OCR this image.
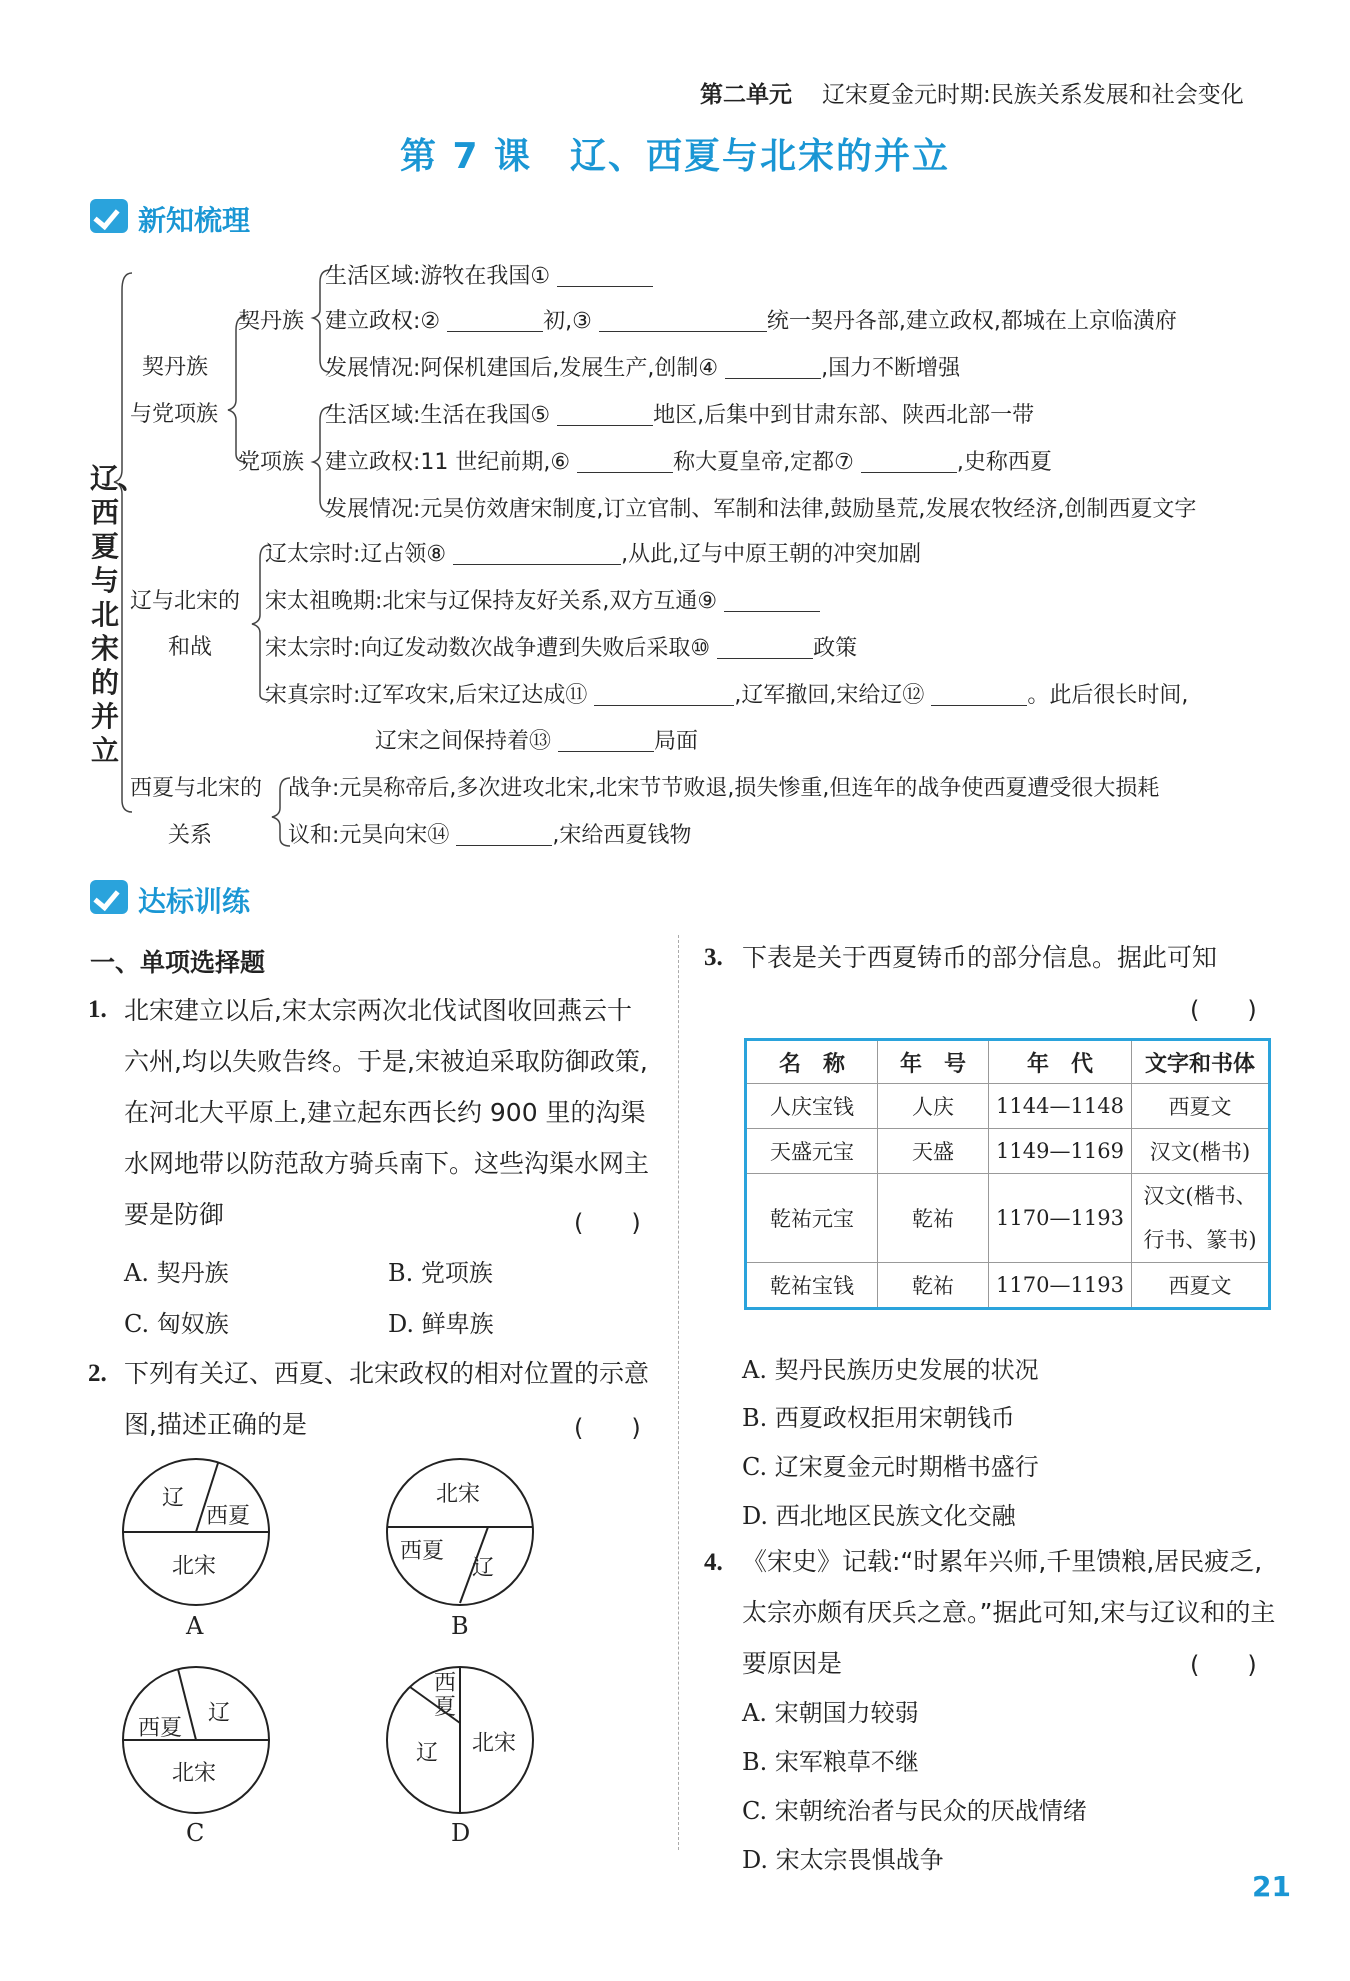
第二单元 辽宋夏金元时期:民族关系发展和社会变化
第 7 课　辽、西夏与北宋的并立
新知梳理
辽、西夏与北宋的并立
契丹族
与党项族
契丹族
生活区域:游牧在我国①
建立政权:②	初,③	统一契丹各部,建立政权,都城在上京临潢府
发展情况:阿保机建国后,发展生产,创制④	,国力不断增强
党项族
生活区域:生活在我国⑤	地区,后集中到甘肃东部、陕西北部一带
建立政权:11 世纪前期,⑥	称大夏皇帝,定都⑦	,史称西夏
发展情况:元昊仿效唐宋制度,订立官制、军制和法律,鼓励垦荒,发展农牧经济,创制西夏文字
辽与北宋的
和战
辽太宗时:辽占领⑧	,从此,辽与中原王朝的冲突加剧
宋太祖晚期:北宋与辽保持友好关系,双方互通⑨
宋太宗时:向辽发动数次战争遭到失败后采取⑩	政策
宋真宗时:辽军攻宋,后宋辽达成⑪	,辽军撤回,宋给辽⑫	。此后很长时间,
辽宋之间保持着⑬	局面
西夏与北宋的
关系
战争:元昊称帝后,多次进攻北宋,北宋节节败退,损失惨重,但连年的战争使西夏遭受很大损耗
议和:元昊向宋⑭	,宋给西夏钱物
达标训练
一、单项选择题
1. 北宋建立以后,宋太宗两次北伐试图收回燕云十六州,均以失败告终。于是,宋被迫采取防御政策,在河北大平原上,建立起东西长约 900 里的沟渠水网地带以防范敌方骑兵南下。这些沟渠水网主要是防御	(　　)
A. 契丹族	B. 党项族
C. 匈奴族	D. 鲜卑族
2. 下列有关辽、西夏、北宋政权的相对位置的示意图,描述正确的是	(　　)
辽
西夏
北宋
北宋
西夏
辽
辽
西夏
北宋
辽 北宋
西夏
A	B
C	D
3. 下表是关于西夏铸币的部分信息。据此可知
(　　)
名　称	年　号	年　代	文字和书体
人庆宝钱	人庆	1144—1148	西夏文
天盛元宝	天盛	1149—1169	汉文(楷书)
乾祐元宝	乾祐	1170—1193	汉文(楷书、
行书、篆书)

乾祐宝钱	乾祐	1170—1193	西夏文
A. 契丹民族历史发展的状况
B. 西夏政权拒用宋朝钱币
C. 辽宋夏金元时期楷书盛行
D. 西北地区民族文化交融
4. 《宋史》记载:“时累年兴师,千里馈粮,居民疲乏,太宗亦颇有厌兵之意。”据此可知,宋与辽议和的主要原因是	(　　)
A. 宋朝国力较弱
B. 宋军粮草不继
C. 宋朝统治者与民众的厌战情绪
D. 宋太宗畏惧战争
21
